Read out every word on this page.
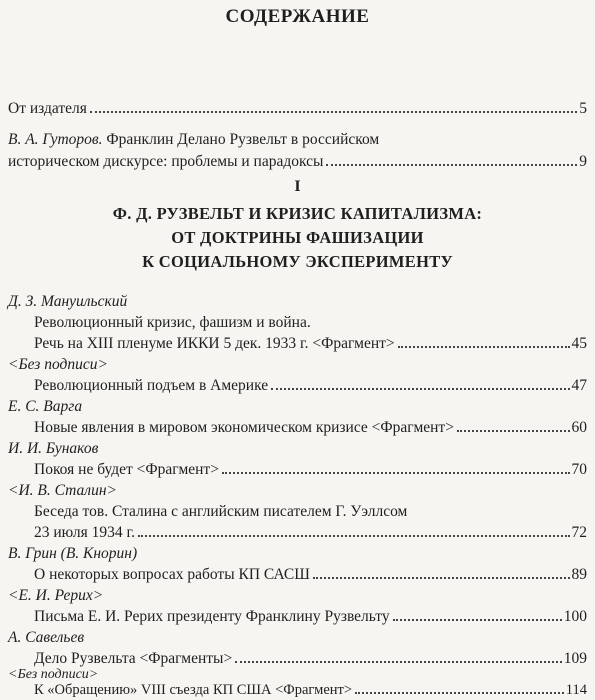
СОДЕРЖАНИЕ
От издателя	5
В. А. Гуторов. Франклин Делано Рузвельт в российском
историческом дискурсе: проблемы и парадоксы	9
I
Ф. Д. РУЗВЕЛЬТ И КРИЗИС КАПИТАЛИЗМА:
ОТ ДОКТРИНЫ ФАШИЗАЦИИ
К СОЦИАЛЬНОМУ ЭКСПЕРИМЕНТУ
Д. З. Мануильский
Революционный кризис, фашизм и война.
Речь на XIII пленуме ИККИ 5 дек. 1933 г. <Фрагмент>	45
<Без подписи>
Революционный подъем в Америке	47
Е. С. Варга
Новые явления в мировом экономическом кризисе <Фрагмент>	60
И. И. Бунаков
Покоя не будет <Фрагмент>	70
<И. В. Сталин>
Беседа тов. Сталина с английским писателем Г. Уэллсом
23 июля 1934 г.	72
В. Грин (В. Кнорин)
О некоторых вопросах работы КП САСШ	89
<Е. И. Рерих>
Письма Е. И. Рерих президенту Франклину Рузвельту	100
А. Савельев
Дело Рузвельта <Фрагменты>	109
<Без подписи>
К «Обращению» VIII съезда КП США <Фрагмент>	114
